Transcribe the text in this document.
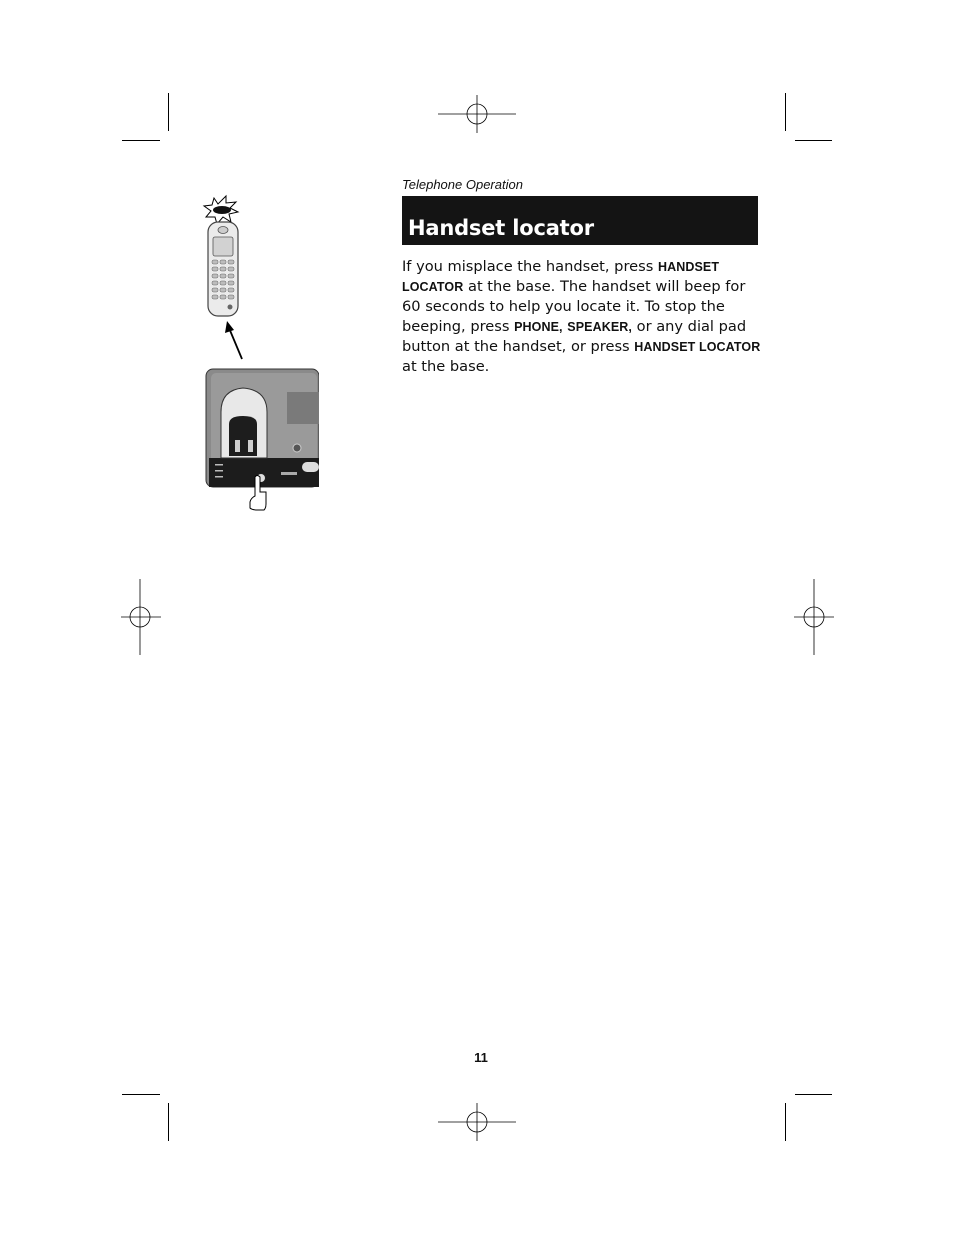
Telephone Operation
Handset locator
If you misplace the handset, press HANDSET LOCATOR at the base. The handset will beep for 60 seconds to help you locate it. To stop the beeping, press PHONE, SPEAKER, or any dial pad button at the handset, or press HANDSET LOCATOR at the base.
11
